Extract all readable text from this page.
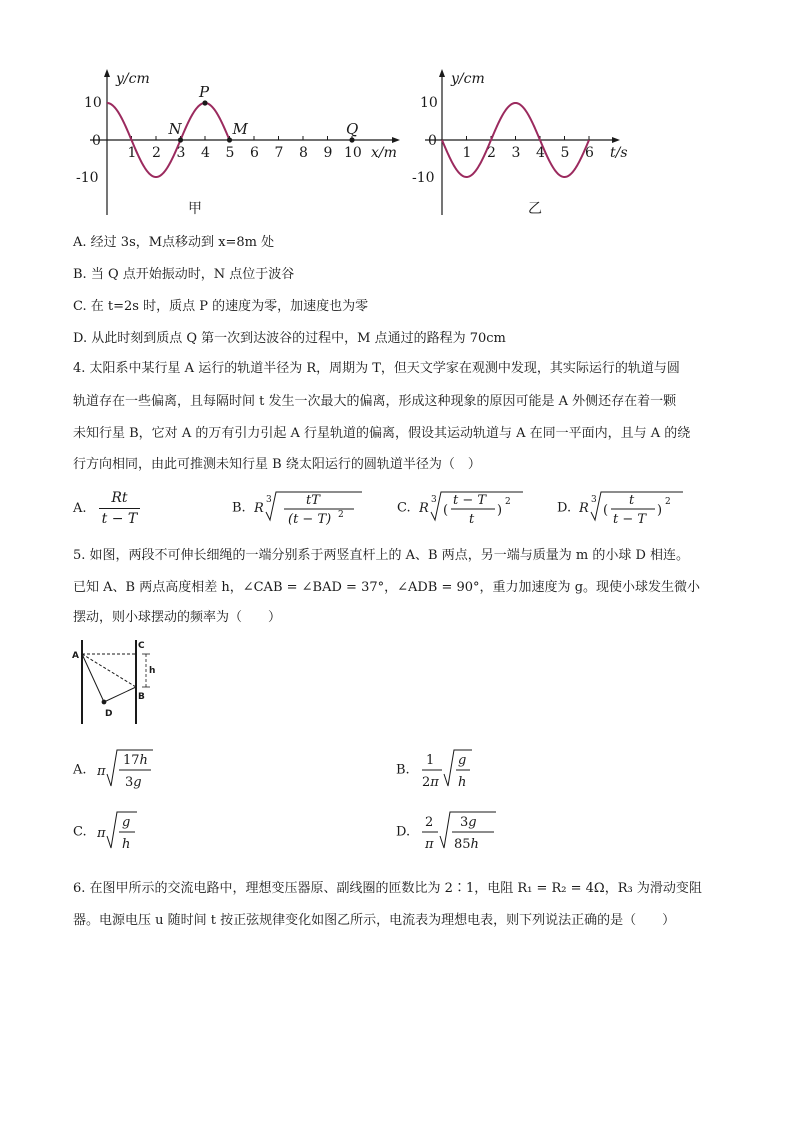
y/cm
x/m
10
0
-10
1 2 3 4 5 6 7 8 9 10
N
P
M	Q
甲
y/cm
t/s
10
0
-10
1 2 3 4 5 6
乙
A. 经过 3s，M点移动到 x=8m 处
B. 当 Q 点开始振动时，N 点位于波谷
C. 在 t=2s 时，质点 P 的速度为零，加速度也为零
D. 从此时刻到质点 Q 第一次到达波谷的过程中，M 点通过的路程为 70cm
4. 太阳系中某行星 A 运行的轨道半径为 R，周期为 T，但天文学家在观测中发现，其实际运行的轨道与圆
轨道存在一些偏离，且每隔时间 t 发生一次最大的偏离，形成这种现象的原因可能是 A 外侧还存在着一颗
未知行星 B，它对 A 的万有引力引起 A 行星轨道的偏离，假设其运动轨道与 A 在同一平面内，且与 A 的绕
行方向相同，由此可推测未知行星 B 绕太阳运行的圆轨道半径为（　）
A. $\frac{Rt}{t - T}$	B. R
3	tT
(t − T) 2	C. R
3
(
t − T
t
)
2	D. R
3
(
t
t − T
)
2
5. 如图，两段不可伸长细绳的一端分别系于两竖直杆上的 A、B 两点，另一端与质量为 m 的小球 D 相连。
已知 A、B 两点高度相差 h，∠CAB = ∠BAD = 37°，∠ADB = 90°，重力加速度为 g。现使小球发生微小
摆动，则小球摆动的频率为（　　）
A
C
h
B
D
A. π
17h
3g
B.
1
2π
g
h
C. π
g
h
D.
2
π
3g
85h
6. 在图甲所示的交流电路中，理想变压器原、副线圈的匝数比为 2∶1，电阻 R₁ = R₂ = 4Ω，R₃ 为滑动变阻
器。电源电压 u 随时间 t 按正弦规律变化如图乙所示，电流表为理想电表，则下列说法正确的是（　　）
